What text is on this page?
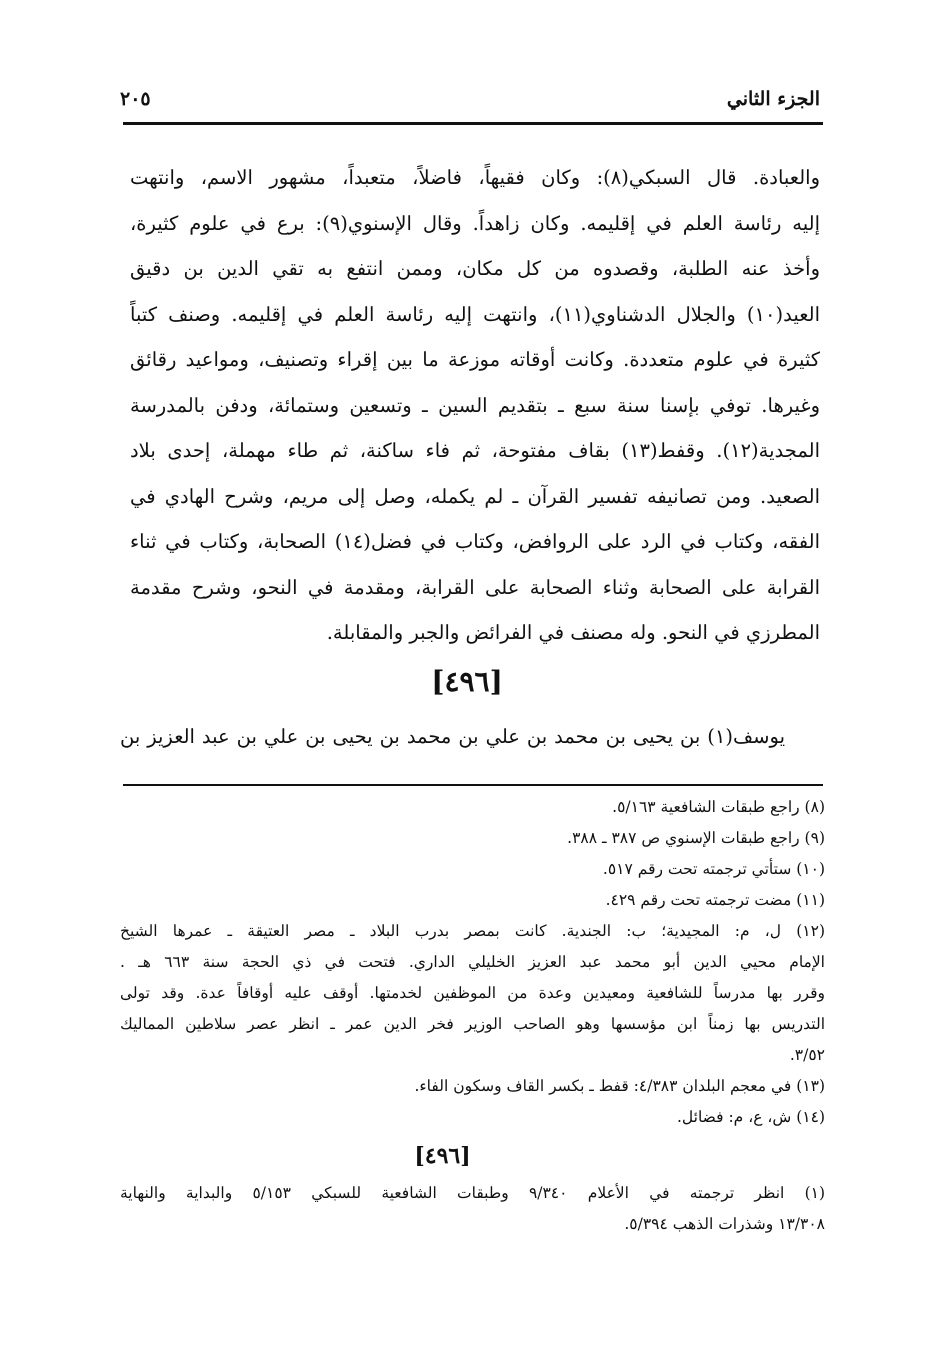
الجزء الثاني
٢٠٥
والعبادة. قال السبكي(٨): وكان فقيهاً، فاضلاً، متعبداً، مشهور الاسم، وانتهت
إليه رئاسة العلم في إقليمه. وكان زاهداً. وقال الإسنوي(٩): برع في علوم كثيرة،
وأخذ عنه الطلبة، وقصدوه من كل مكان، وممن انتفع به تقي الدين بن دقيق
العيد(١٠) والجلال الدشناوي(١١)، وانتهت إليه رئاسة العلم في إقليمه. وصنف كتباً
كثيرة في علوم متعددة. وكانت أوقاته موزعة ما بين إقراء وتصنيف، ومواعيد رقائق
وغيرها. توفي بإسنا سنة سبع ـ بتقديم السين ـ وتسعين وستمائة، ودفن بالمدرسة
المجدية(١٢). وقفط(١٣) بقاف مفتوحة، ثم فاء ساكنة، ثم طاء مهملة، إحدى بلاد
الصعيد. ومن تصانيفه تفسير القرآن ـ لم يكمله، وصل إلى مريم، وشرح الهادي في
الفقه، وكتاب في الرد على الروافض، وكتاب في فضل(١٤) الصحابة، وكتاب في ثناء
القرابة على الصحابة وثناء الصحابة على القرابة، ومقدمة في النحو، وشرح مقدمة
المطرزي في النحو. وله مصنف في الفرائض والجبر والمقابلة.
[٤٩٦]
يوسف(١) بن يحيى بن محمد بن علي بن محمد بن يحيى بن علي بن عبد العزيز بن
(٨) راجع طبقات الشافعية ٥/١٦٣.
(٩) راجع طبقات الإسنوي ص ٣٨٧ ـ ٣٨٨.
(١٠) ستأتي ترجمته تحت رقم ٥١٧.
(١١) مضت ترجمته تحت رقم ٤٢٩.
(١٢) ل، م: المجيدية؛ ب: الجندية. كانت بمصر بدرب البلاد ـ مصر العتيقة ـ عمرها الشيخ
الإمام محيي الدين أبو محمد عبد العزيز الخليلي الداري. فتحت في ذي الحجة سنة ٦٦٣ هـ .
وقرر بها مدرساً للشافعية ومعيدين وعدة من الموظفين لخدمتها. أوقف عليه أوقافاً عدة. وقد تولى
التدريس بها زمناً ابن مؤسسها وهو الصاحب الوزير فخر الدين عمر ـ انظر عصر سلاطين المماليك
٣/٥٢.
(١٣) في معجم البلدان ٤/٣٨٣: قفط ـ بكسر القاف وسكون الفاء.
(١٤) ش، ع، م: فضائل.
[٤٩٦]
(١) انظر ترجمته في الأعلام ٩/٣٤٠ وطبقات الشافعية للسبكي ٥/١٥٣ والبداية والنهاية
١٣/٣٠٨ وشذرات الذهب ٥/٣٩٤.
